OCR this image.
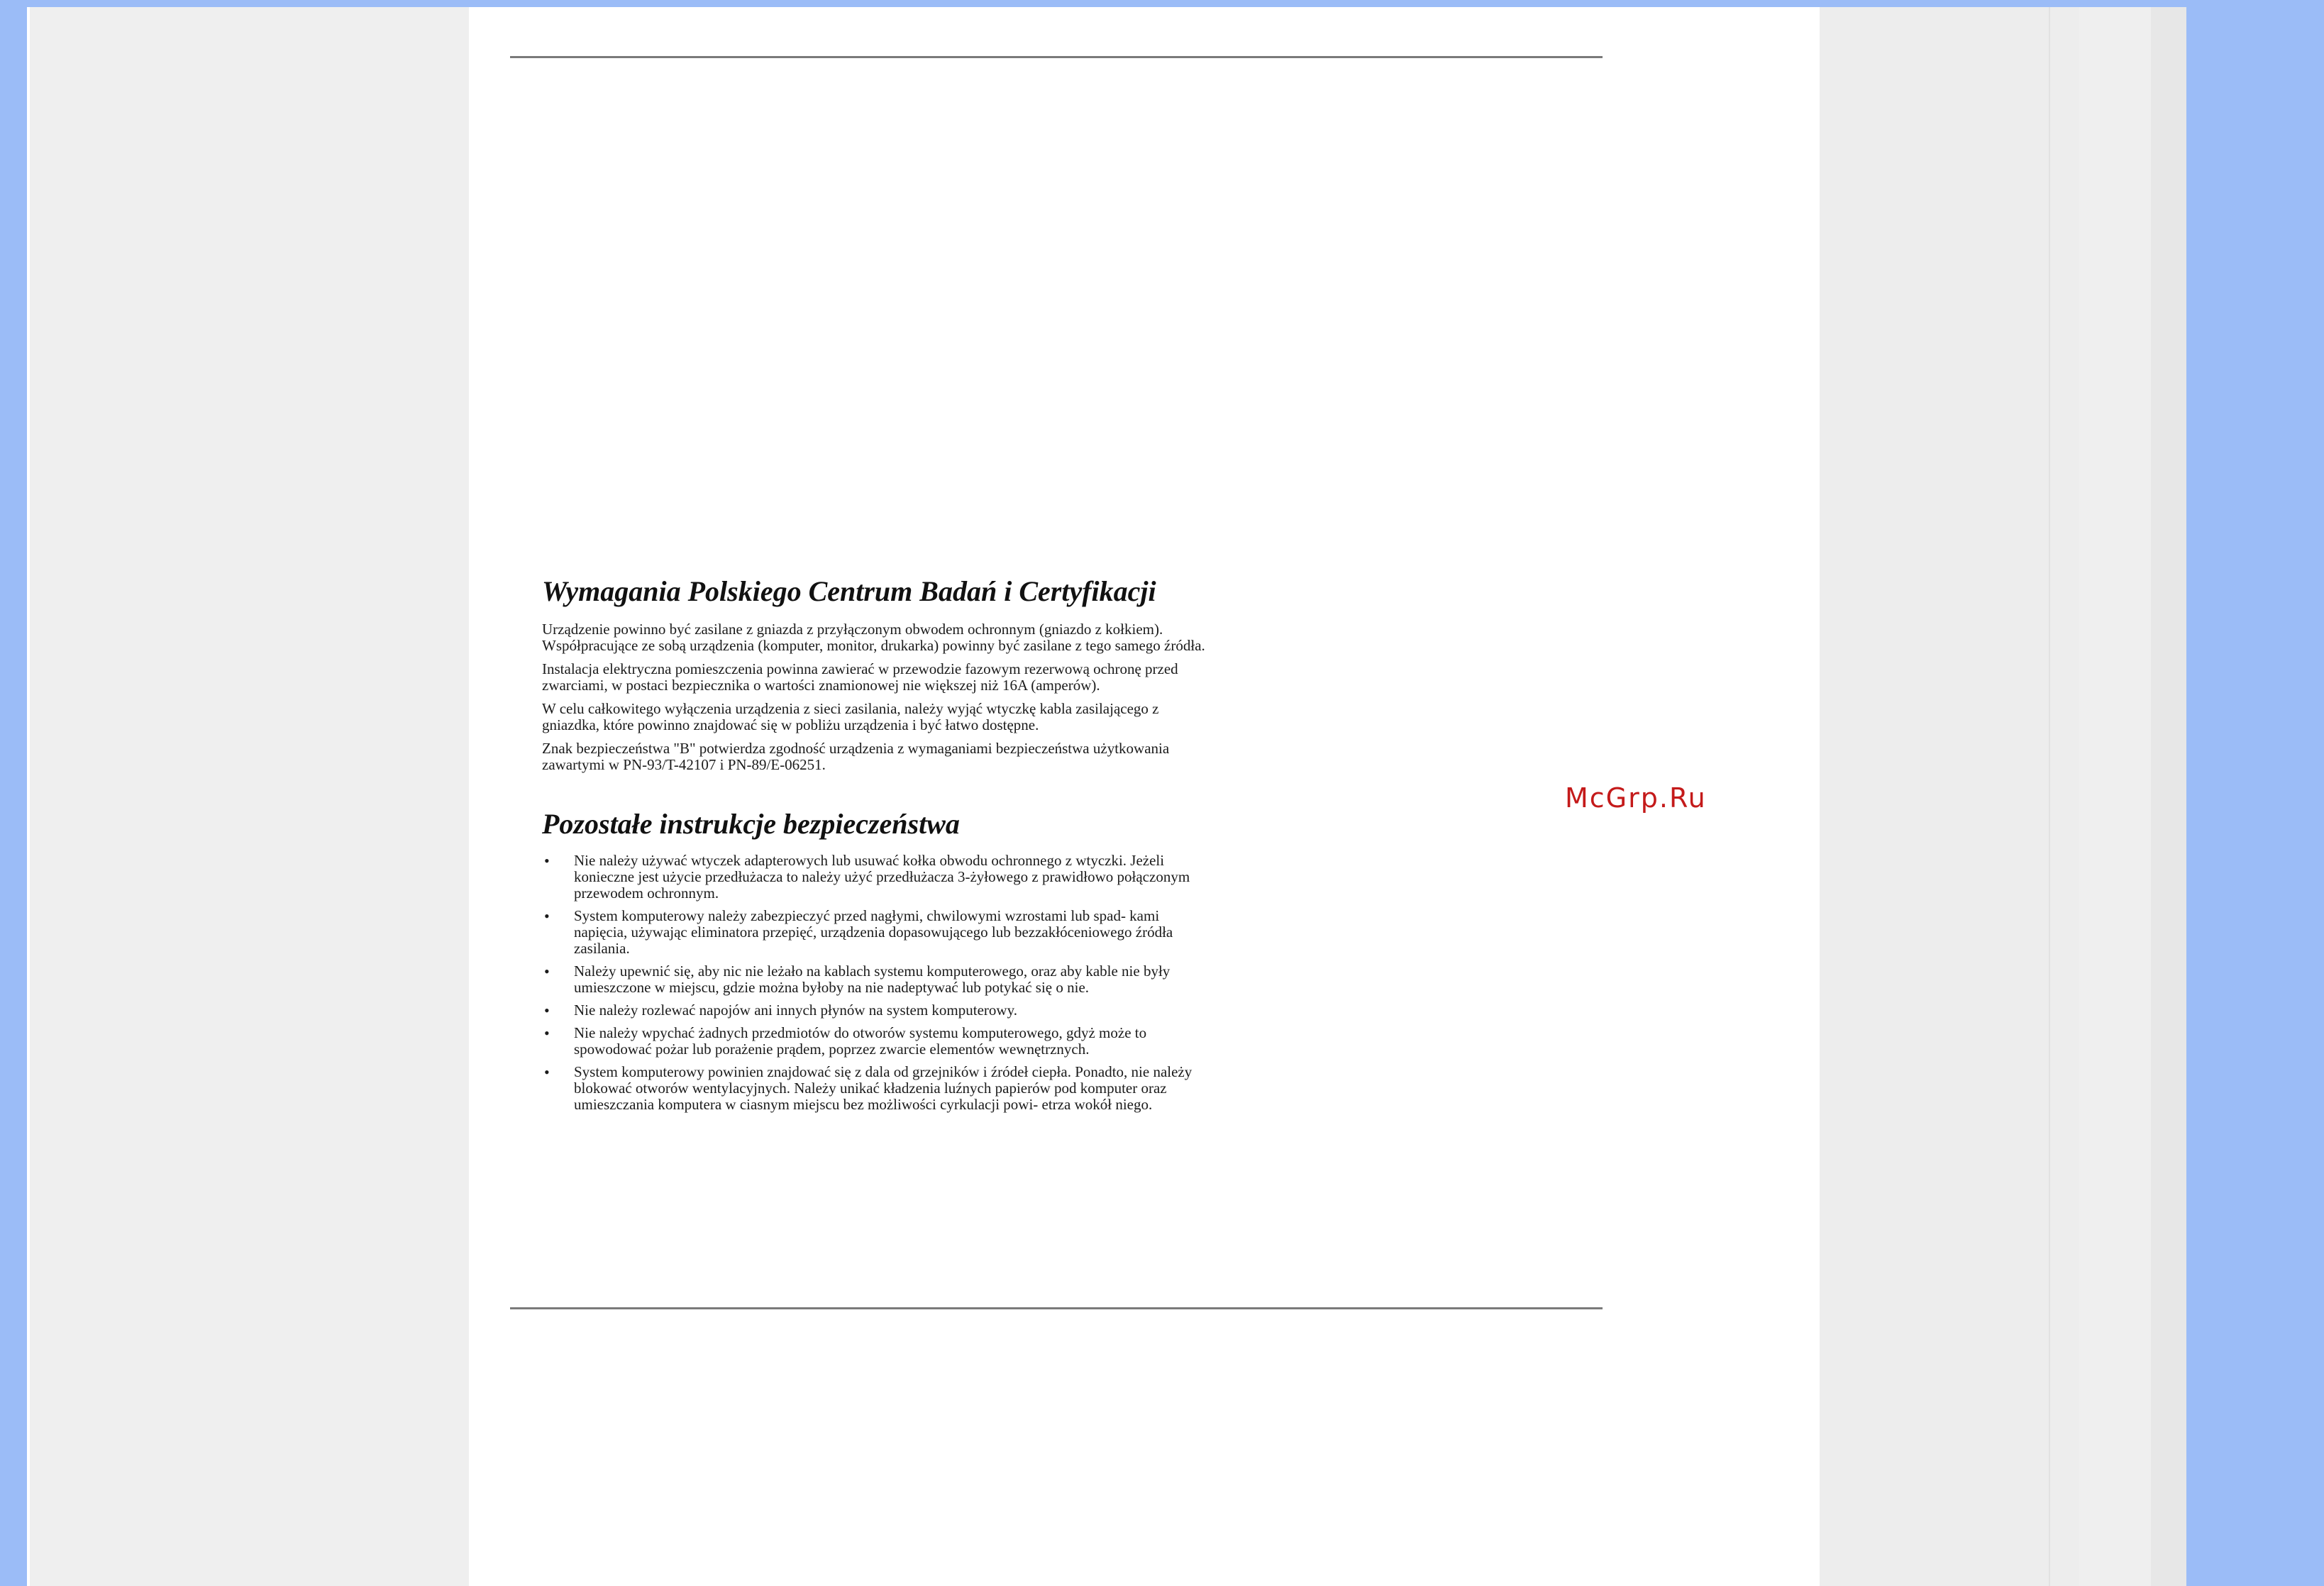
Wymagania Polskiego Centrum Badań i Certyfikacji

Urządzenie powinno być zasilane z gniazda z przyłączonym obwodem ochronnym (gniazdo z kołkiem). Współpracujące ze sobą urządzenia (komputer, monitor, drukarka) powinny być zasilane z tego samego źródła.

Instalacja elektryczna pomieszczenia powinna zawierać w przewodzie fazowym rezerwową ochronę przed zwarciami, w postaci bezpiecznika o wartości znamionowej nie większej niż 16A (amperów).

W celu całkowitego wyłączenia urządzenia z sieci zasilania, należy wyjąć wtyczkę kabla zasilającego z gniazdka, które powinno znajdować się w pobliżu urządzenia i być łatwo dostępne.

Znak bezpieczeństwa "B" potwierdza zgodność urządzenia z wymaganiami bezpieczeństwa użytkowania zawartymi w PN-93/T-42107 i PN-89/E-06251.

Pozostałe instrukcje bezpieczeństwa
• Nie należy używać wtyczek adapterowych lub usuwać kołka obwodu ochronnego z wtyczki. Jeżeli konieczne jest użycie przedłużacza to należy użyć przedłużacza 3-żyłowego z prawidłowo połączonym przewodem ochronnym.
• System komputerowy należy zabezpieczyć przed nagłymi, chwilowymi wzrostami lub spad- kami napięcia, używając eliminatora przepięć, urządzenia dopasowującego lub bezzakłóceniowego źródła zasilania.
• Należy upewnić się, aby nic nie leżało na kablach systemu komputerowego, oraz aby kable nie były umieszczone w miejscu, gdzie można byłoby na nie nadeptywać lub potykać się o nie.
• Nie należy rozlewać napojów ani innych płynów na system komputerowy.
• Nie należy wpychać żadnych przedmiotów do otworów systemu komputerowego, gdyż może to spowodować pożar lub porażenie prądem, poprzez zwarcie elementów wewnętrznych.
• System komputerowy powinien znajdować się z dala od grzejników i źródeł ciepła. Ponadto, nie należy blokować otworów wentylacyjnych. Należy unikać kładzenia luźnych papierów pod komputer oraz umieszczania komputera w ciasnym miejscu bez możliwości cyrkulacji powi- etrza wokół niego.
McGrp.Ru
